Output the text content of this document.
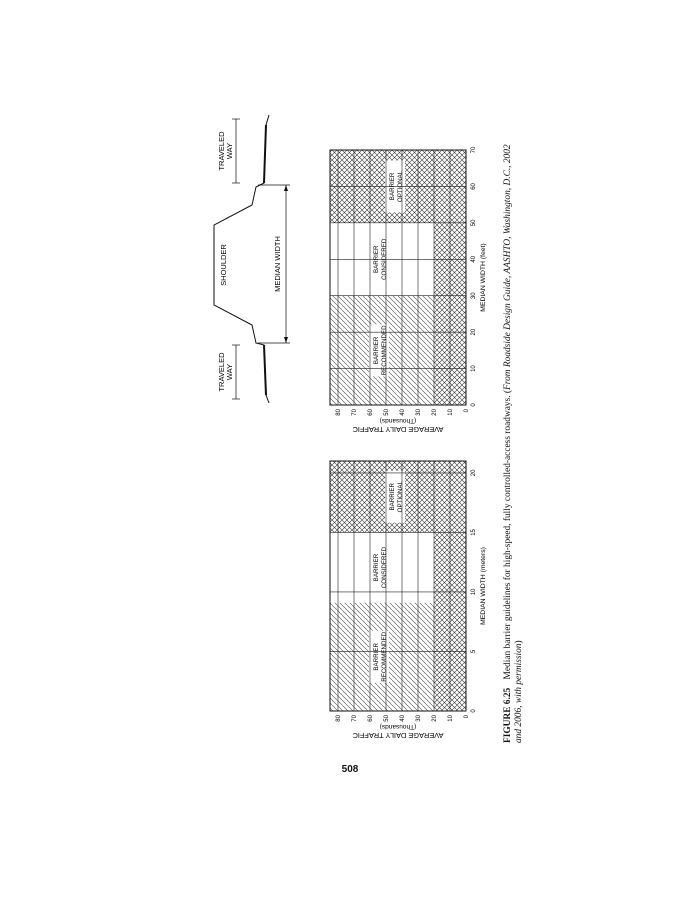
TRAVELED WAY
TRAVELED WAY
SHOULDER	MEDIAN WIDTH
BARRIER RECOMMENDED
BARRIER CONSIDERED
BARRIER OPTIONAL
0
10
20
30
40
50
60
70
80
0
5
10
15
20
MEDIAN WIDTH (meters)
AVERAGE DAILY TRAFFIC
(Thousands)
BARRIER RECOMMENDED
BARRIER CONSIDERED
BARRIER OPTIONAL
0
10
20
30
40
50
60
70
80
0
10
20
30
40
50
60
70
MEDIAN WIDTH (feet)
AVERAGE DAILY TRAFFIC
(Thousands)
508
FIGURE 6.25 Median barrier guidelines for high-speed, fully controlled-access roadways. (From Roadside Design Guide, AASHTO, Washington, D.C., 2002 and 2006, with permission)
